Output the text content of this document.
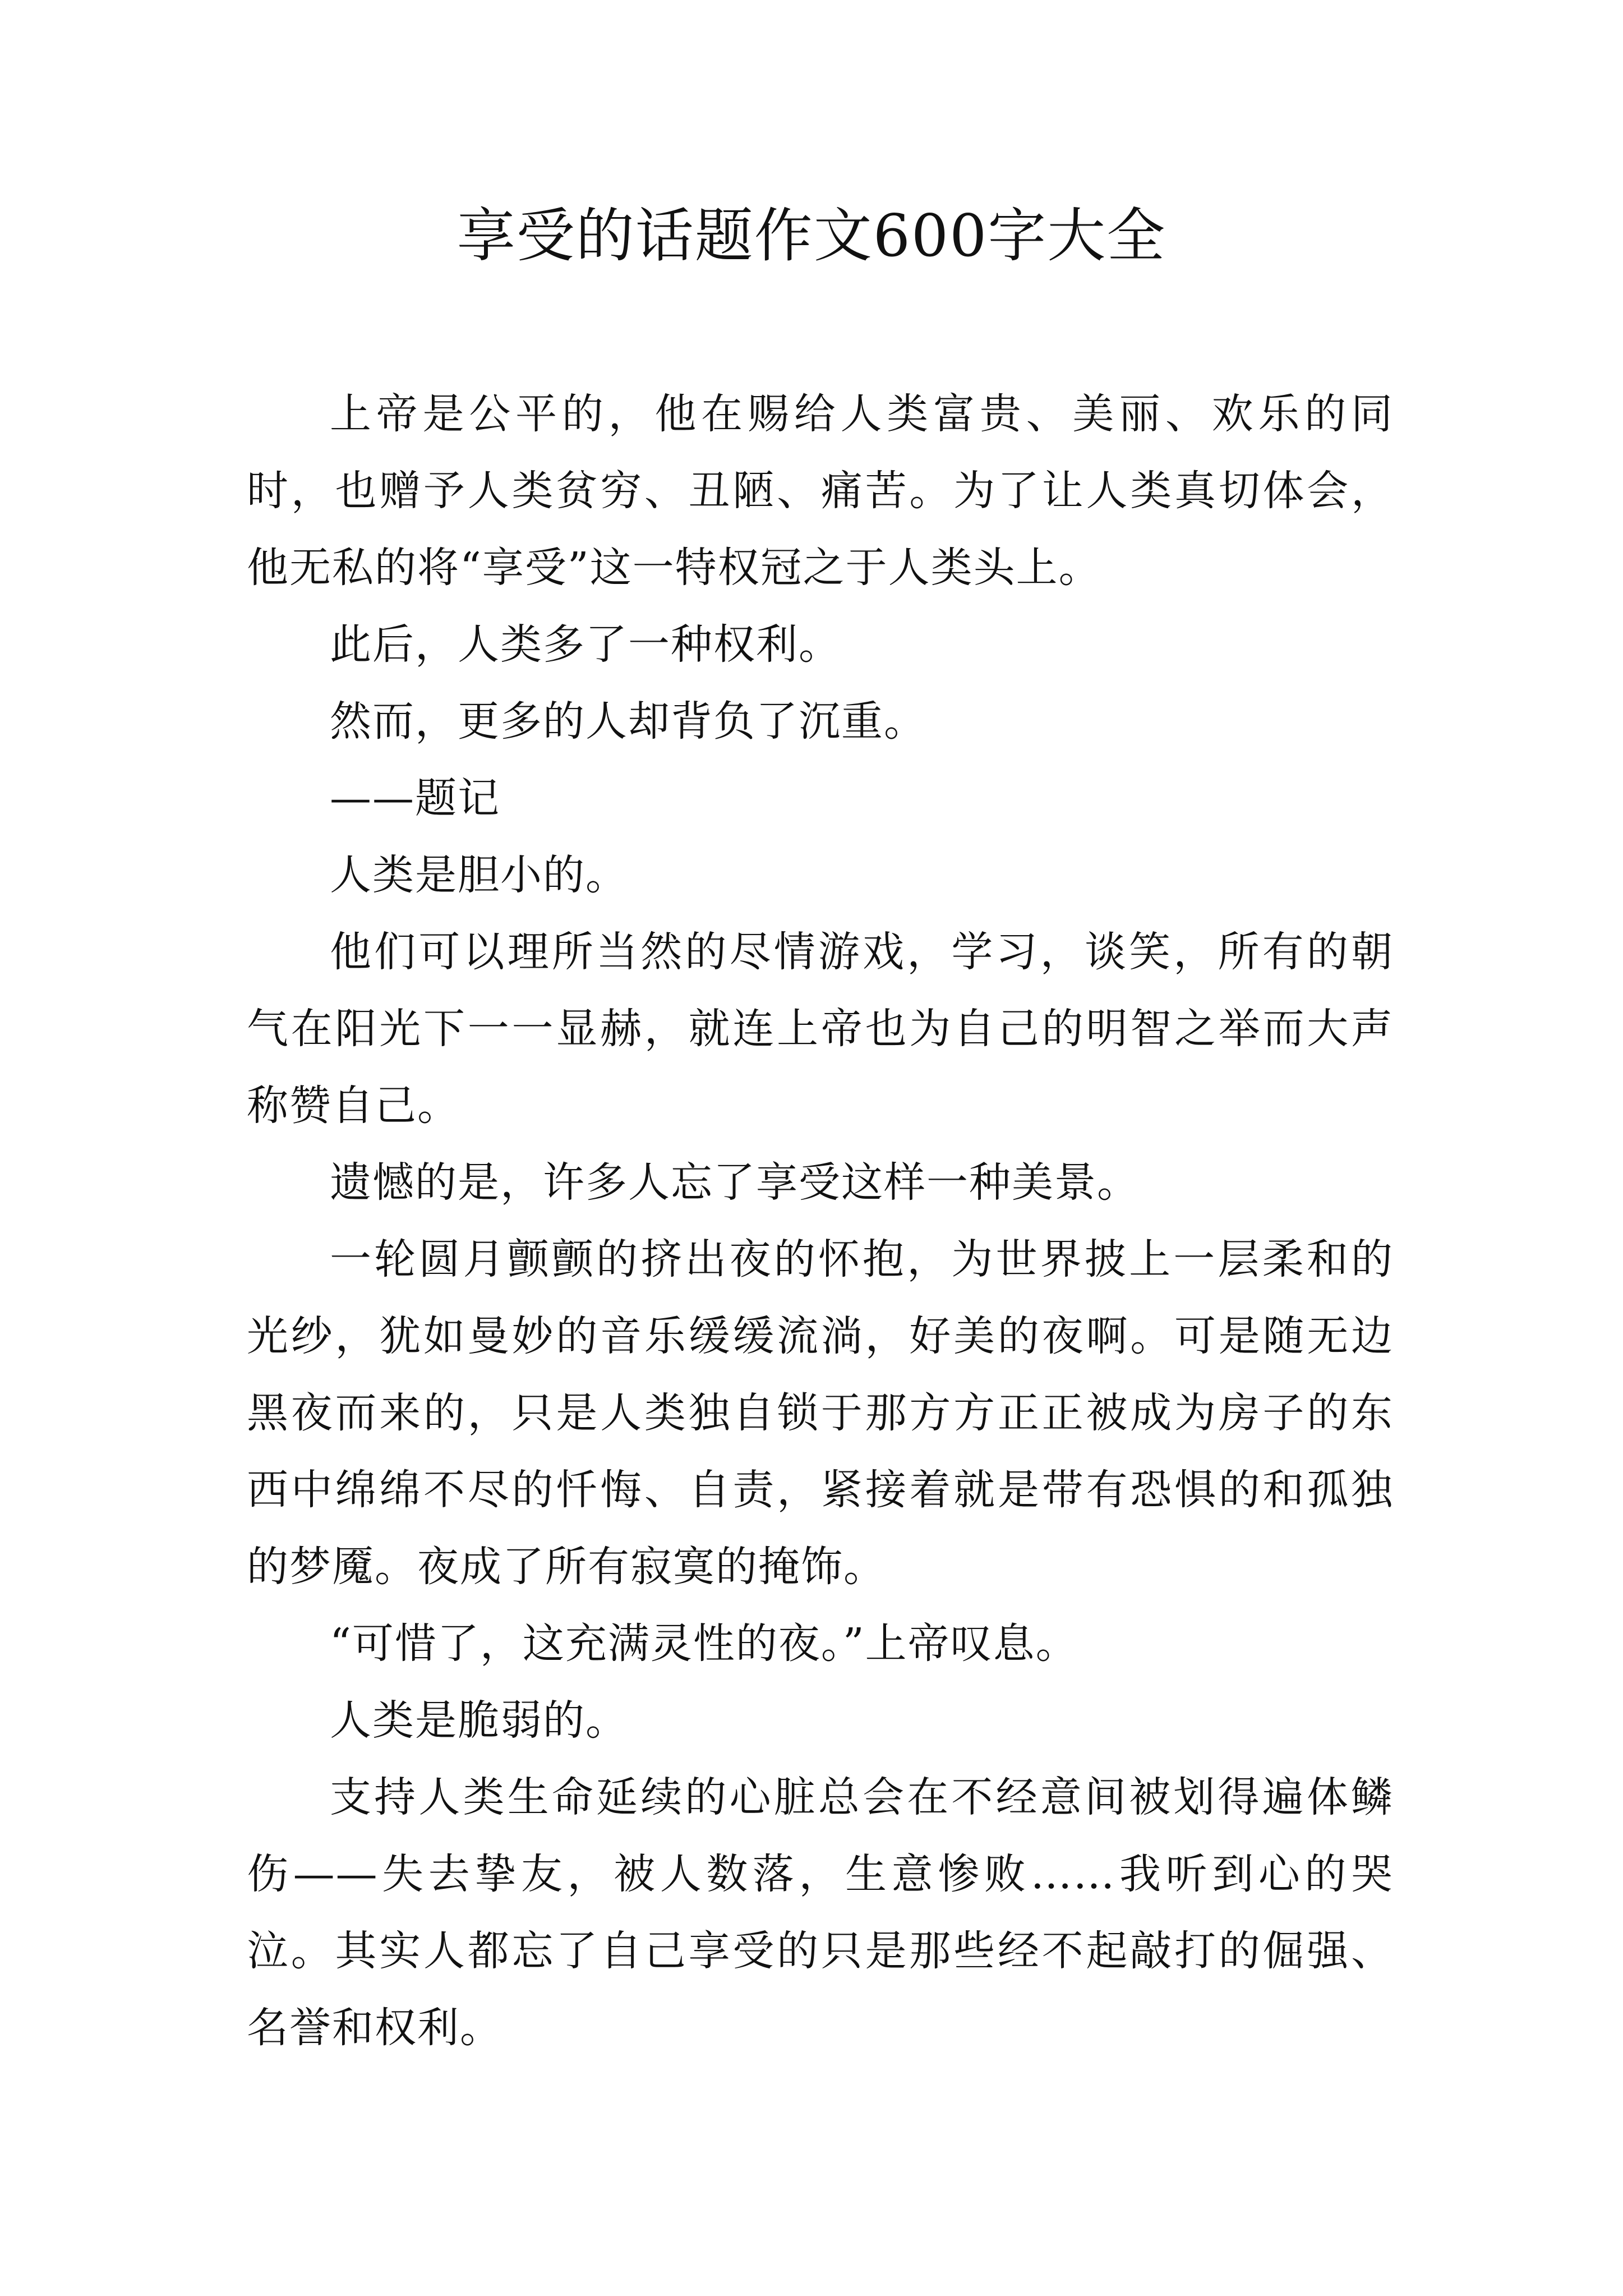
享受的话题作文600字大全

上帝是公平的，他在赐给人类富贵、美丽、欢乐的同时，也赠予人类贫穷、丑陋、痛苦。为了让人类真切体会，他无私的将“享受”这一特权冠之于人类头上。

此后，人类多了一种权利。

然而，更多的人却背负了沉重。

——题记

人类是胆小的。

他们可以理所当然的尽情游戏，学习，谈笑，所有的朝气在阳光下一一显赫，就连上帝也为自己的明智之举而大声称赞自己。

遗憾的是，许多人忘了享受这样一种美景。

一轮圆月颤颤的挤出夜的怀抱，为世界披上一层柔和的光纱，犹如曼妙的音乐缓缓流淌，好美的夜啊。可是随无边黑夜而来的，只是人类独自锁于那方方正正被成为房子的东西中绵绵不尽的忏悔、自责，紧接着就是带有恐惧的和孤独的梦魇。夜成了所有寂寞的掩饰。

“可惜了，这充满灵性的夜。”上帝叹息。

人类是脆弱的。

支持人类生命延续的心脏总会在不经意间被划得遍体鳞伤——失去挚友，被人数落，生意惨败……我听到心的哭泣。其实人都忘了自己享受的只是那些经不起敲打的倔强、名誉和权利。
